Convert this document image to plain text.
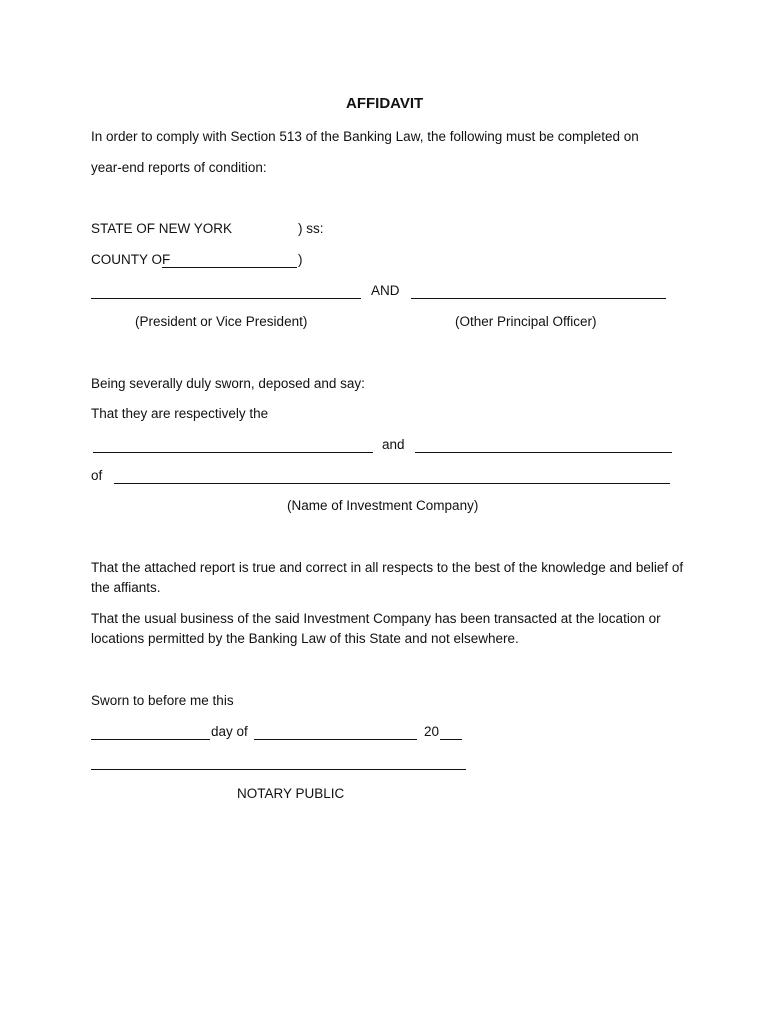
AFFIDAVIT
In order to comply with Section 513 of the Banking Law, the following must be completed on
year-end reports of condition:
STATE OF NEW YORK	) ss:
COUNTY OF	)
AND
(President or Vice President)	(Other Principal Officer)
Being severally duly sworn, deposed and say:
That they are respectively the
and
of
(Name of Investment Company)
That the attached report is true and correct in all respects to the best of the knowledge and belief of the affiants.
That the usual business of the said Investment Company has been transacted at the location or locations permitted by the Banking Law of this State and not elsewhere.
Sworn to before me this
day of	20
NOTARY PUBLIC
